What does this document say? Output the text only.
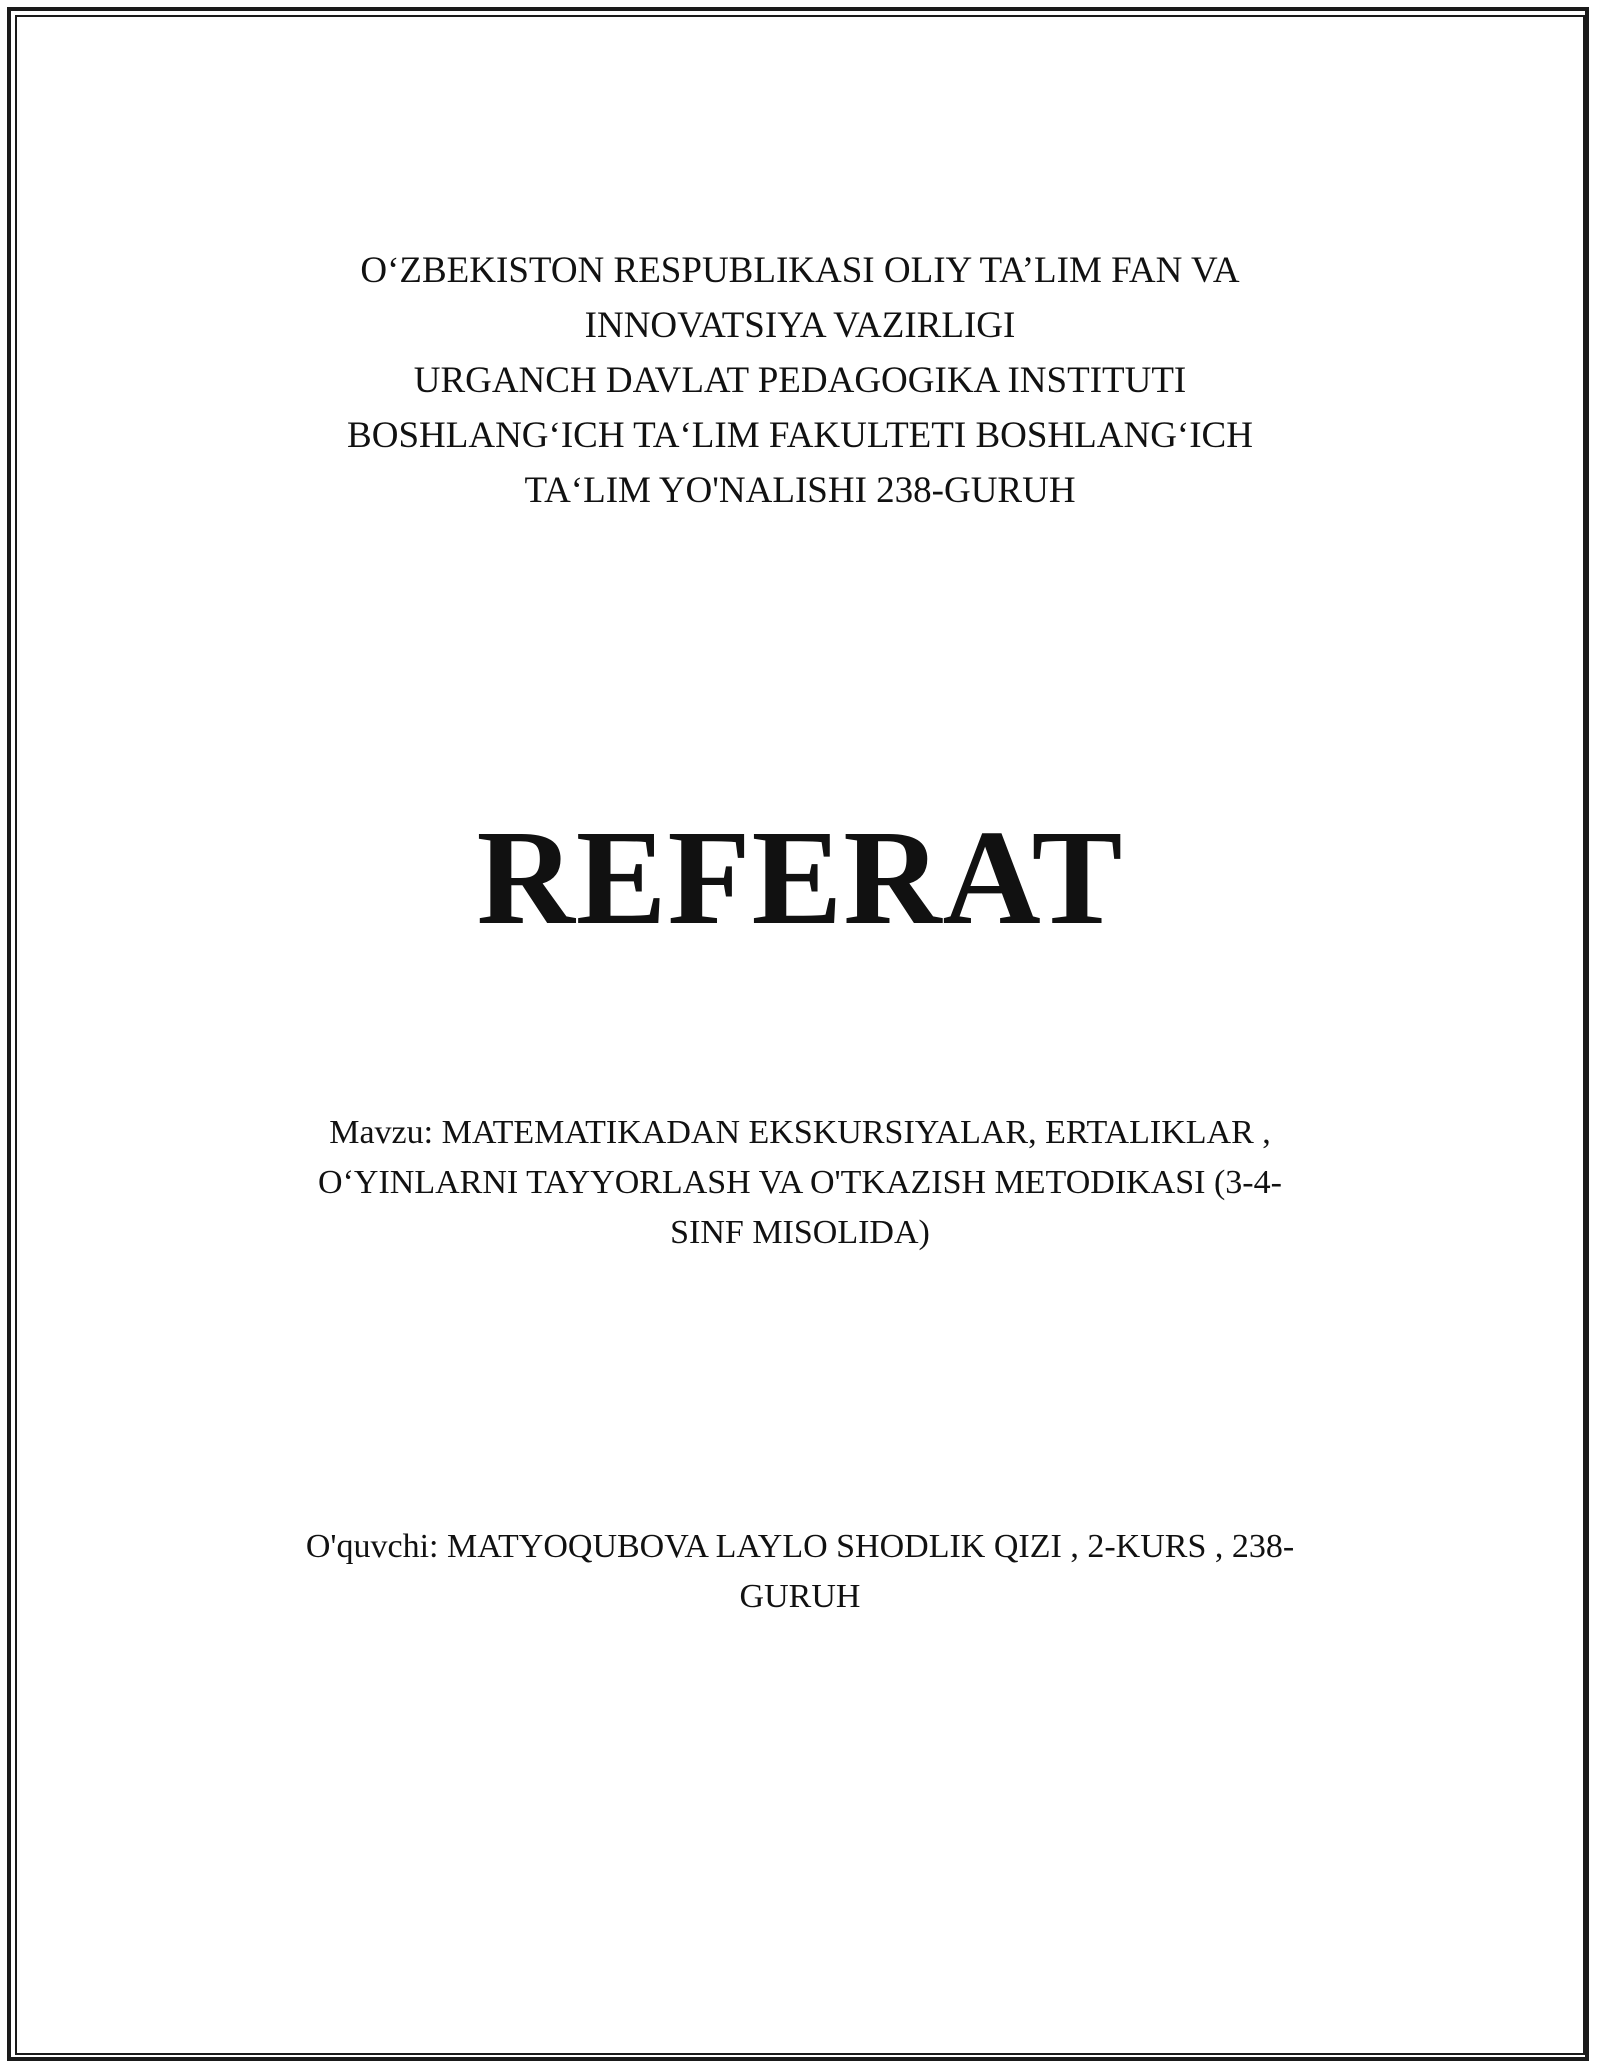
O‘ZBEKISTON RESPUBLIKASI OLIY TA’LIM FAN VA
INNOVATSIYA VAZIRLIGI
URGANCH DAVLAT PEDAGOGIKA INSTITUTI
BOSHLANG‘ICH TA‘LIM FAKULTETI BOSHLANG‘ICH
TA‘LIM YO'NALISHI 238-GURUH
REFERAT
Mavzu: MATEMATIKADAN EKSKURSIYALAR, ERTALIKLAR ,
O‘YINLARNI TAYYORLASH VA O'TKAZISH METODIKASI (3-4-
SINF MISOLIDA)
O'quvchi: MATYOQUBOVA LAYLO SHODLIK QIZI , 2-KURS , 238-
GURUH
